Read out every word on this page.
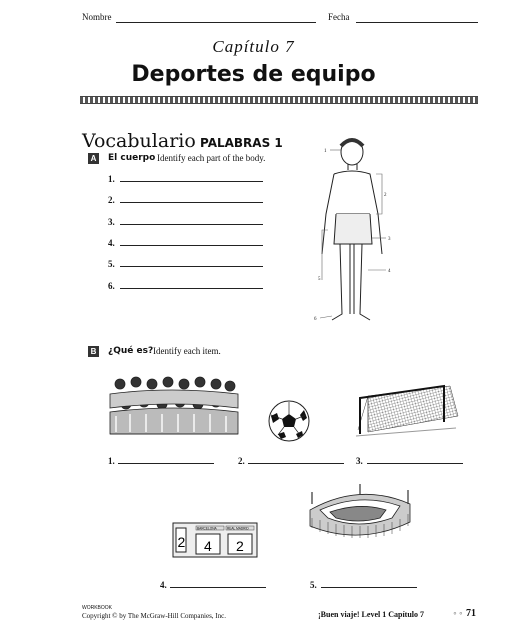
Nombre	Fecha
Capítulo 7
Deportes de equipo
Vocabulario PALABRAS 1
A El cuerpo Identify each part of the body.
1.
2.
3.
4.
5.
6.
1
2
3
4
5
6
B ¿Qué es? Identify each item.
1.	2.	3.
BARCELONA	REAL MADRID
2 4 2
4.	5.
WORKBOOK
Copyright © by The McGraw-Hill Companies, Inc.	¡Buen viaje! Level 1 Capítulo 7	⚬⚬ 71
